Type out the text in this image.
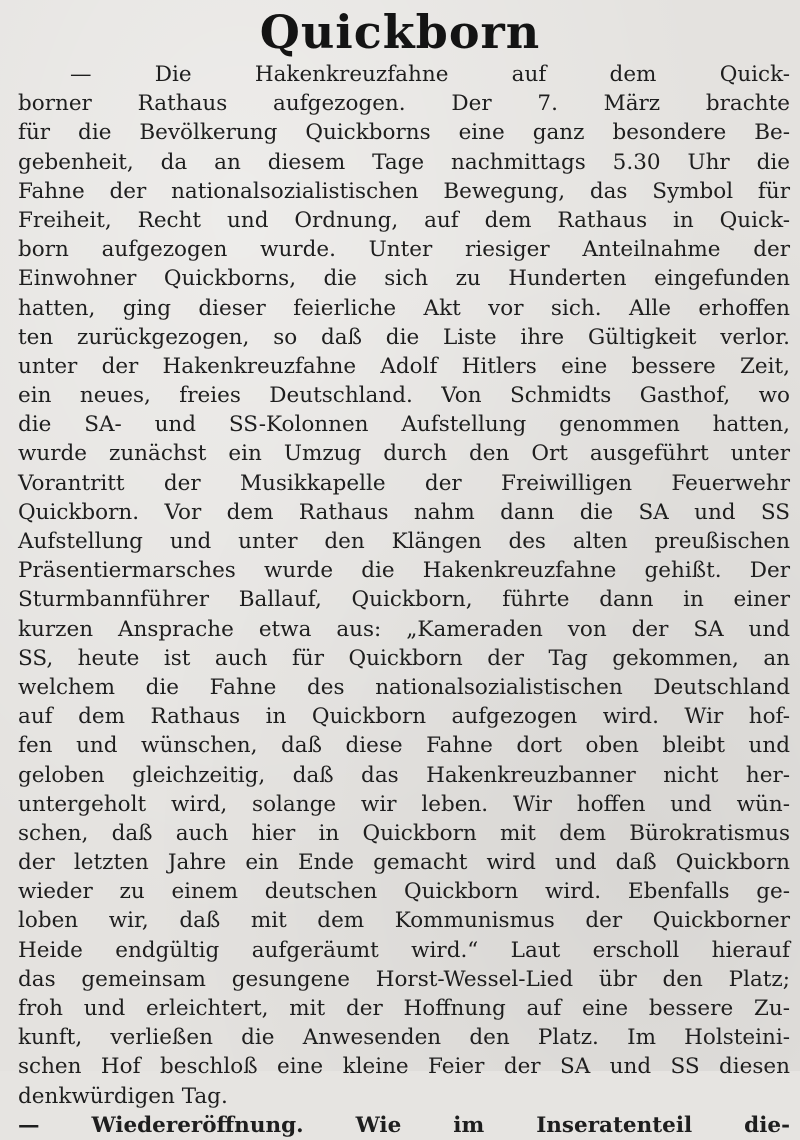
Quickborn
— Die Hakenkreuzfahne auf dem Quick-
borner Rathaus aufgezogen. Der 7. März brachte
für die Bevölkerung Quickborns eine ganz besondere Be-
gebenheit, da an diesem Tage nachmittags 5.30 Uhr die
Fahne der nationalsozialistischen Bewegung, das Symbol für
Freiheit, Recht und Ordnung, auf dem Rathaus in Quick-
born aufgezogen wurde. Unter riesiger Anteilnahme der
Einwohner Quickborns, die sich zu Hunderten eingefunden
hatten, ging dieser feierliche Akt vor sich. Alle erhoffen
ten zurückgezogen, so daß die Liste ihre Gültigkeit verlor.
unter der Hakenkreuzfahne Adolf Hitlers eine bessere Zeit,
ein neues, freies Deutschland. Von Schmidts Gasthof, wo
die SA- und SS-Kolonnen Aufstellung genommen hatten,
wurde zunächst ein Umzug durch den Ort ausgeführt unter
Vorantritt der Musikkapelle der Freiwilligen Feuerwehr
Quickborn. Vor dem Rathaus nahm dann die SA und SS
Aufstellung und unter den Klängen des alten preußischen
Präsentiermarsches wurde die Hakenkreuzfahne gehißt. Der
Sturmbannführer Ballauf, Quickborn, führte dann in einer
kurzen Ansprache etwa aus: „Kameraden von der SA und
SS, heute ist auch für Quickborn der Tag gekommen, an
welchem die Fahne des nationalsozialistischen Deutschland
auf dem Rathaus in Quickborn aufgezogen wird. Wir hof-
fen und wünschen, daß diese Fahne dort oben bleibt und
geloben gleichzeitig, daß das Hakenkreuzbanner nicht her-
untergeholt wird, solange wir leben. Wir hoffen und wün-
schen, daß auch hier in Quickborn mit dem Bürokratismus
der letzten Jahre ein Ende gemacht wird und daß Quickborn
wieder zu einem deutschen Quickborn wird. Ebenfalls ge-
loben wir, daß mit dem Kommunismus der Quickborner
Heide endgültig aufgeräumt wird.“ Laut erscholl hierauf
das gemeinsam gesungene Horst-Wessel-Lied übr den Platz;
froh und erleichtert, mit der Hoffnung auf eine bessere Zu-
kunft, verließen die Anwesenden den Platz. Im Holsteini-
schen Hof beschloß eine kleine Feier der SA und SS diesen
denkwürdigen Tag.
— Wiedereröffnung. Wie im Inseratenteil die-
